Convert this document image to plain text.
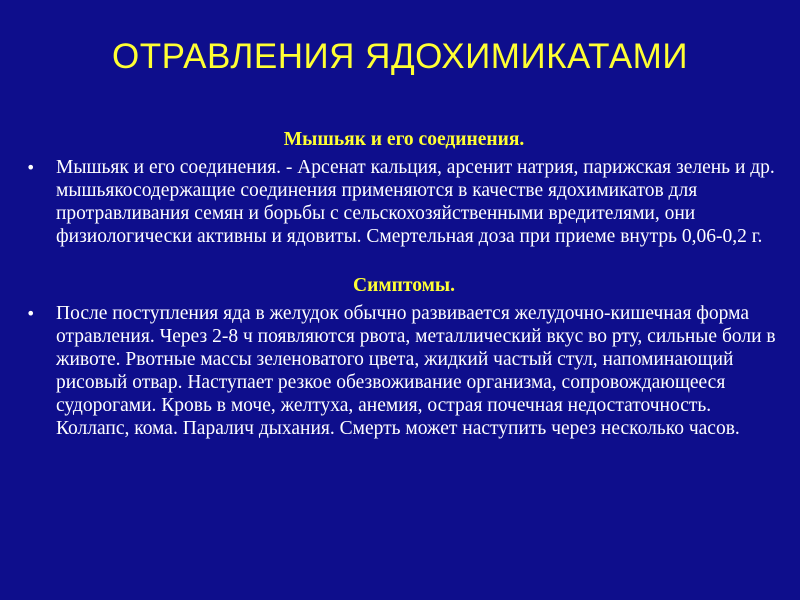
ОТРАВЛЕНИЯ ЯДОХИМИКАТАМИ
Мышьяк и его соединения.
•	Мышьяк и его соединения. - Арсенат кальция, арсенит натрия, парижская зелень и др. мышьякосодержащие соединения применяются в качестве ядохимикатов для протравливания семян и борьбы с сельскохозяйственными вредителями, они физиологически активны и ядовиты. Смертельная доза при приеме внутрь 0,06-0,2 г.
Симптомы.
•	После поступления яда в желудок обычно развивается желудочно-кишечная форма отравления. Через 2-8 ч появляются рвота, металлический вкус во рту, сильные боли в животе. Рвотные массы зеленоватого цвета, жидкий частый стул, напоминающий рисовый отвар. Наступает резкое обезвоживание организма, сопровождающееся судорогами. Кровь в моче, желтуха, анемия, острая почечная недостаточность. Коллапс, кома. Паралич дыхания. Смерть может наступить через несколько часов.
